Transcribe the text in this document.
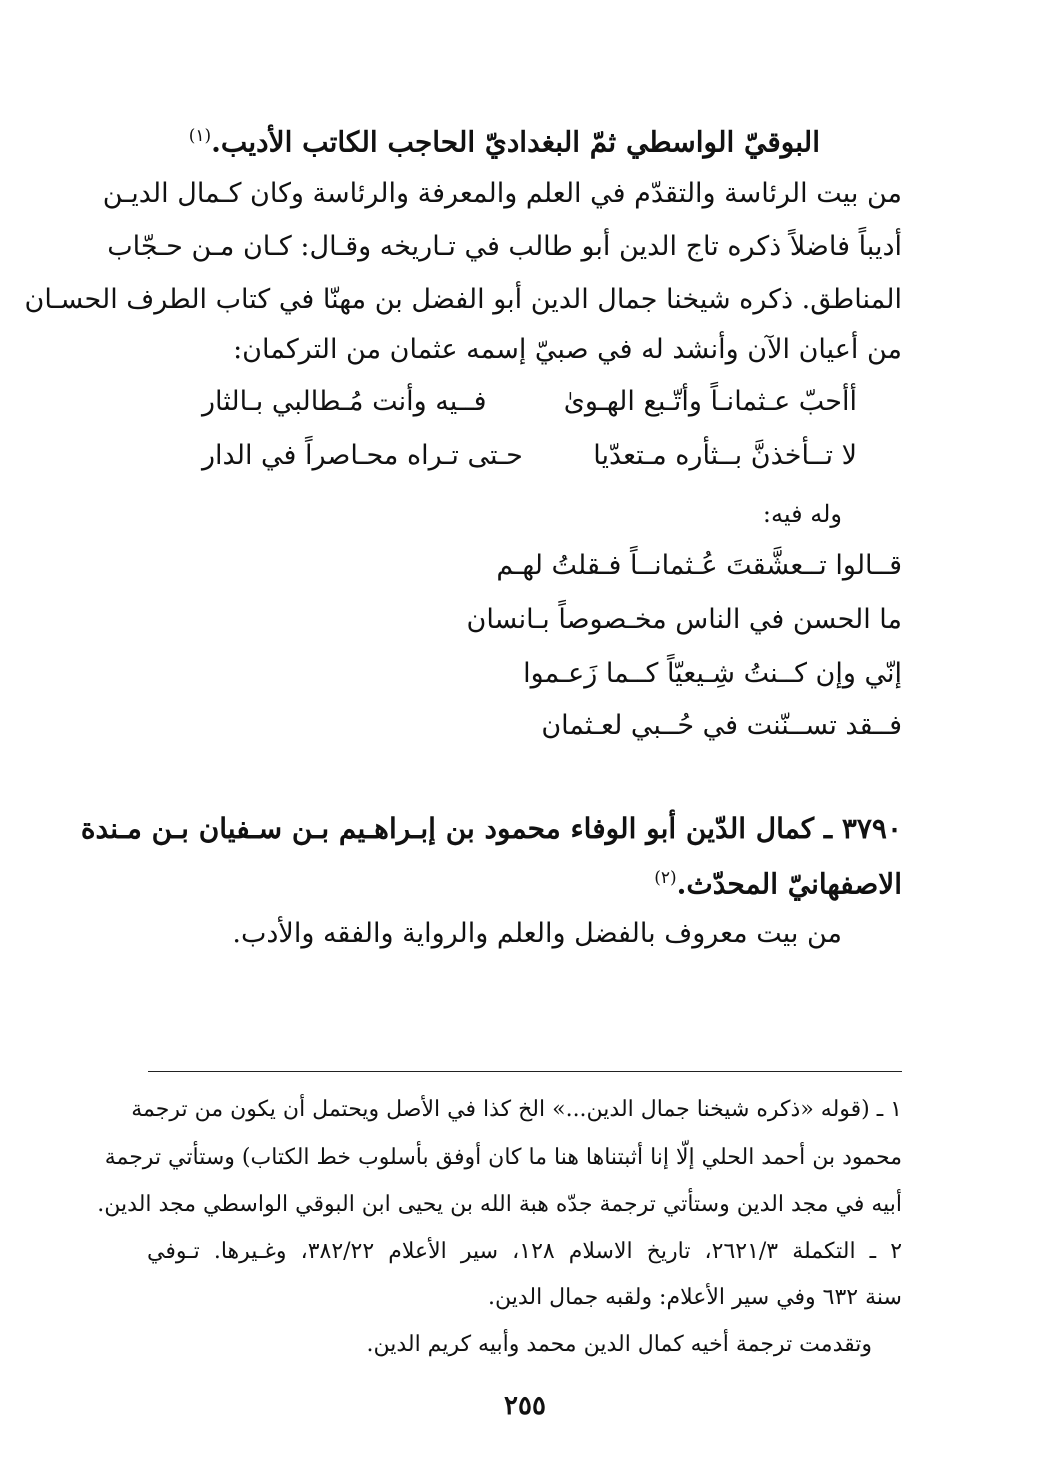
البوقيّ الواسطي ثمّ البغداديّ الحاجب الكاتب الأديب.$^{(١)}$
من بيت الرئاسة والتقدّم في العلم والمعرفة والرئاسة وكان كـمال الديـن
أديباً فاضلاً ذكره تاج الدين أبو طالب في تـاريخه وقـال: كـان مـن حـجّاب
المناطق. ذكره شيخنا جمال الدين أبو الفضل بن مهنّا في كتاب الطرف الحسـان
من أعيان الآن وأنشد له في صبيّ إسمه عثمان من التركمان:
أأحبّ عـثمانـاً وأتّـبع الهـوىٰ
فــيه وأنت مُـطالبي بـالثار
لا تــأخذنَّ بــثأره مـتعدّيا
حـتى تـراه محـاصراً في الدار
وله فيه:
قــالوا تــعشَّقتَ عُـثمانــاً فـقلتُ لهـم
ما الحسن في الناس مخـصوصاً بـانسان
إنّي وإن كــنتُ شِـيعيّاً كــما زَعـموا
فــقد تســنّنت في حُــبي لعـثمان
٣٧٩٠ ـ كمال الدّين أبو الوفاء محمود بن إبـراهـيم بـن سـفيان بـن مـندة
الاصفهانيّ المحدّث.$^{(٢)}$
من بيت معروف بالفضل والعلم والرواية والفقه والأدب.
١ ـ (قوله «ذكره شيخنا جمال الدين...» الخ كذا في الأصل ويحتمل أن يكون من ترجمة
محمود بن أحمد الحلي إلّا إنا أثبتناها هنا ما كان أوفق بأسلوب خط الكتاب) وستأتي ترجمة
أبيه في مجد الدين وستأتي ترجمة جدّه هبة الله بن يحيى ابن البوقي الواسطي مجد الدين.
٢ ـ التكملة ٢٦٢١/٣، تاريخ الاسلام ١٢٨، سير الأعلام ٣٨٢/٢٢، وغـيرها. تـوفي
سنة ٦٣٢ وفي سير الأعلام: ولقبه جمال الدين.
وتقدمت ترجمة أخيه كمال الدين محمد وأبيه كريم الدين.
٢٥٥
